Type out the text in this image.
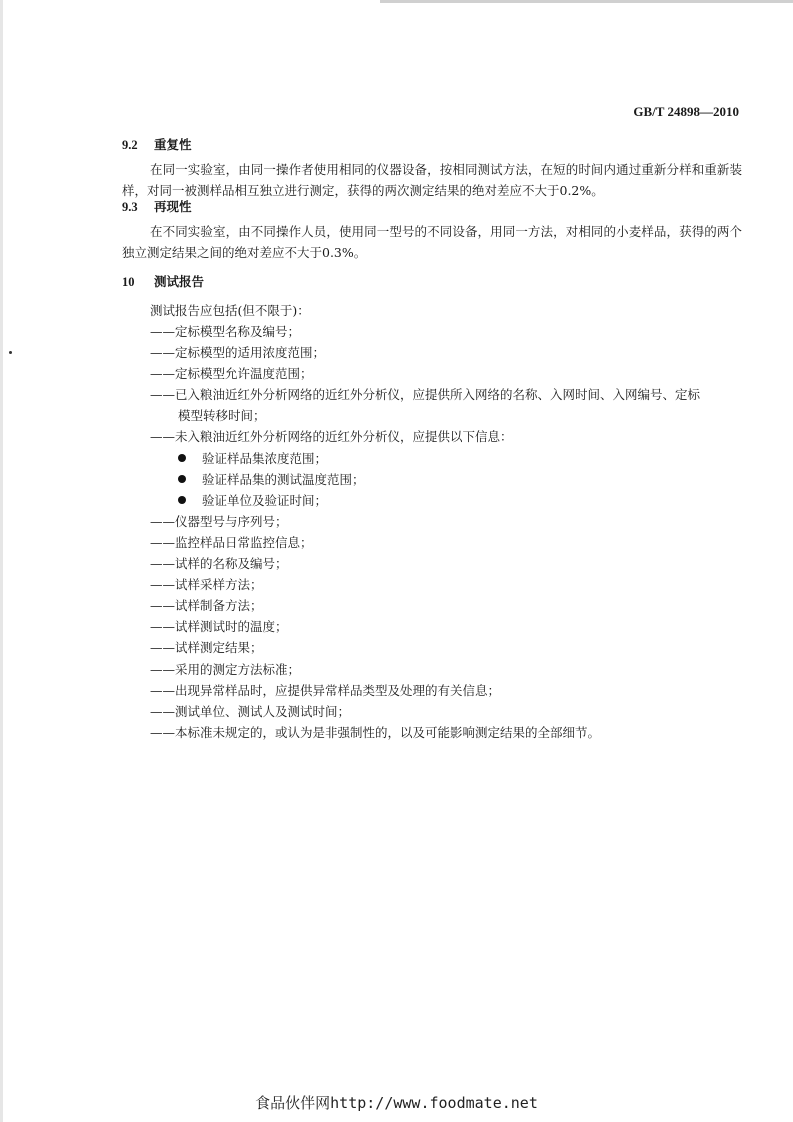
GB/T 24898—2010
9.2 重复性
在同一实验室，由同一操作者使用相同的仪器设备，按相同测试方法，在短的时间内通过重新分样和重新装样，对同一被测样品相互独立进行测定，获得的两次测定结果的绝对差应不大于0.2%。
9.3 再现性
在不同实验室，由不同操作人员，使用同一型号的不同设备，用同一方法，对相同的小麦样品，获得的两个独立测定结果之间的绝对差应不大于0.3%。
10 测试报告
测试报告应包括(但不限于)：
——定标模型名称及编号；
——定标模型的适用浓度范围；
——定标模型允许温度范围；
——已入粮油近红外分析网络的近红外分析仪，应提供所入网络的名称、入网时间、入网编号、定标
模型转移时间；
——未入粮油近红外分析网络的近红外分析仪，应提供以下信息：
验证样品集浓度范围；
验证样品集的测试温度范围；
验证单位及验证时间；
——仪器型号与序列号；
——监控样品日常监控信息；
——试样的名称及编号；
——试样采样方法；
——试样制备方法；
——试样测试时的温度；
——试样测定结果；
——采用的测定方法标准；
——出现异常样品时，应提供异常样品类型及处理的有关信息；
——测试单位、测试人及测试时间；
——本标准未规定的，或认为是非强制性的，以及可能影响测定结果的全部细节。
食品伙伴网http://www.foodmate.net
